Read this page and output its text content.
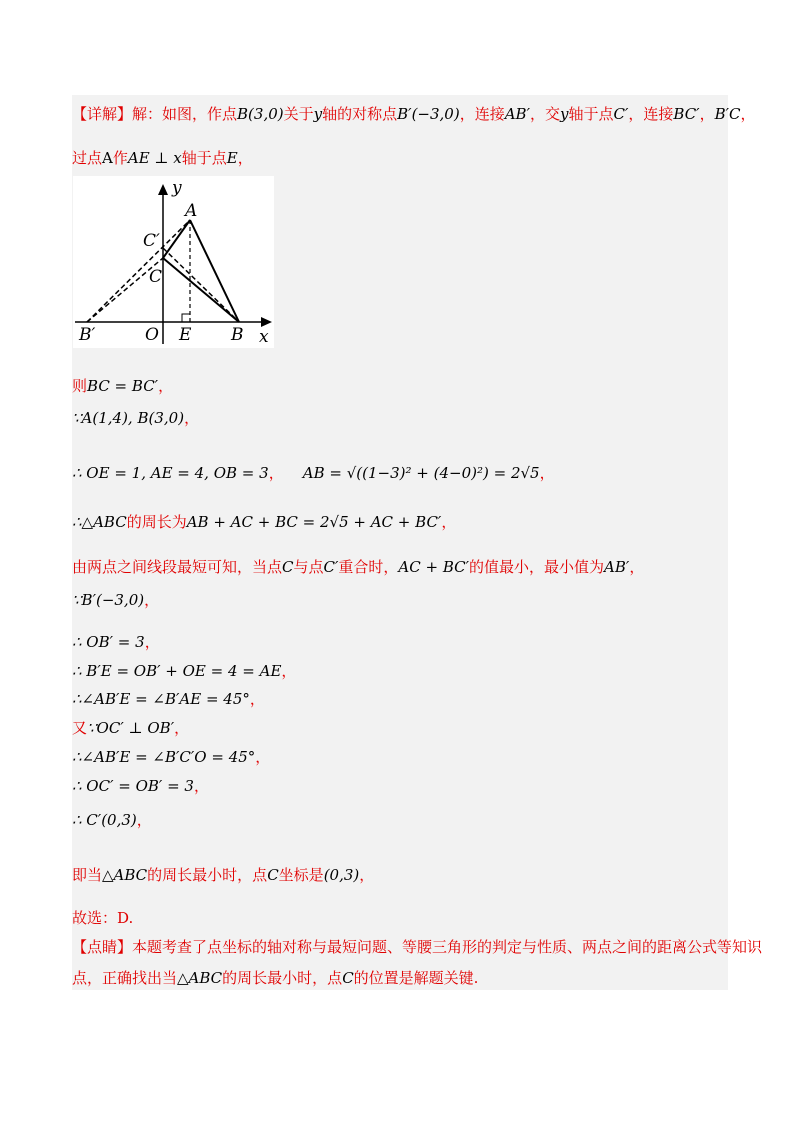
【详解】解：如图，作点B(3,0)关于y轴的对称点B′(−3,0)，连接AB′，交y轴于点C′，连接BC′，B′C，
过点A作AE ⊥ x轴于点E，
y
A
C′
C
B′	O E B x
则BC = BC′，
∵A(1,4), B(3,0)，
∴ OE = 1, AE = 4, OB = 3， AB = √((1−3)² + (4−0)²) = 2√5，
∴△ABC的周长为AB + AC + BC = 2√5 + AC + BC′，
由两点之间线段最短可知，当点C与点C′重合时，AC + BC′的值最小，最小值为AB′，
∵B′(−3,0)，
∴ OB′ = 3，
∴ B′E = OB′ + OE = 4 = AE，
∴∠AB′E = ∠B′AE = 45°，
又∵OC′ ⊥ OB′，
∴∠AB′E = ∠B′C′O = 45°，
∴ OC′ = OB′ = 3，
∴ C′(0,3)，
即当△ABC的周长最小时，点C坐标是(0,3)，
故选：D.
【点睛】本题考查了点坐标的轴对称与最短问题、等腰三角形的判定与性质、两点之间的距离公式等知识
点，正确找出当△ABC的周长最小时，点C的位置是解题关键.
